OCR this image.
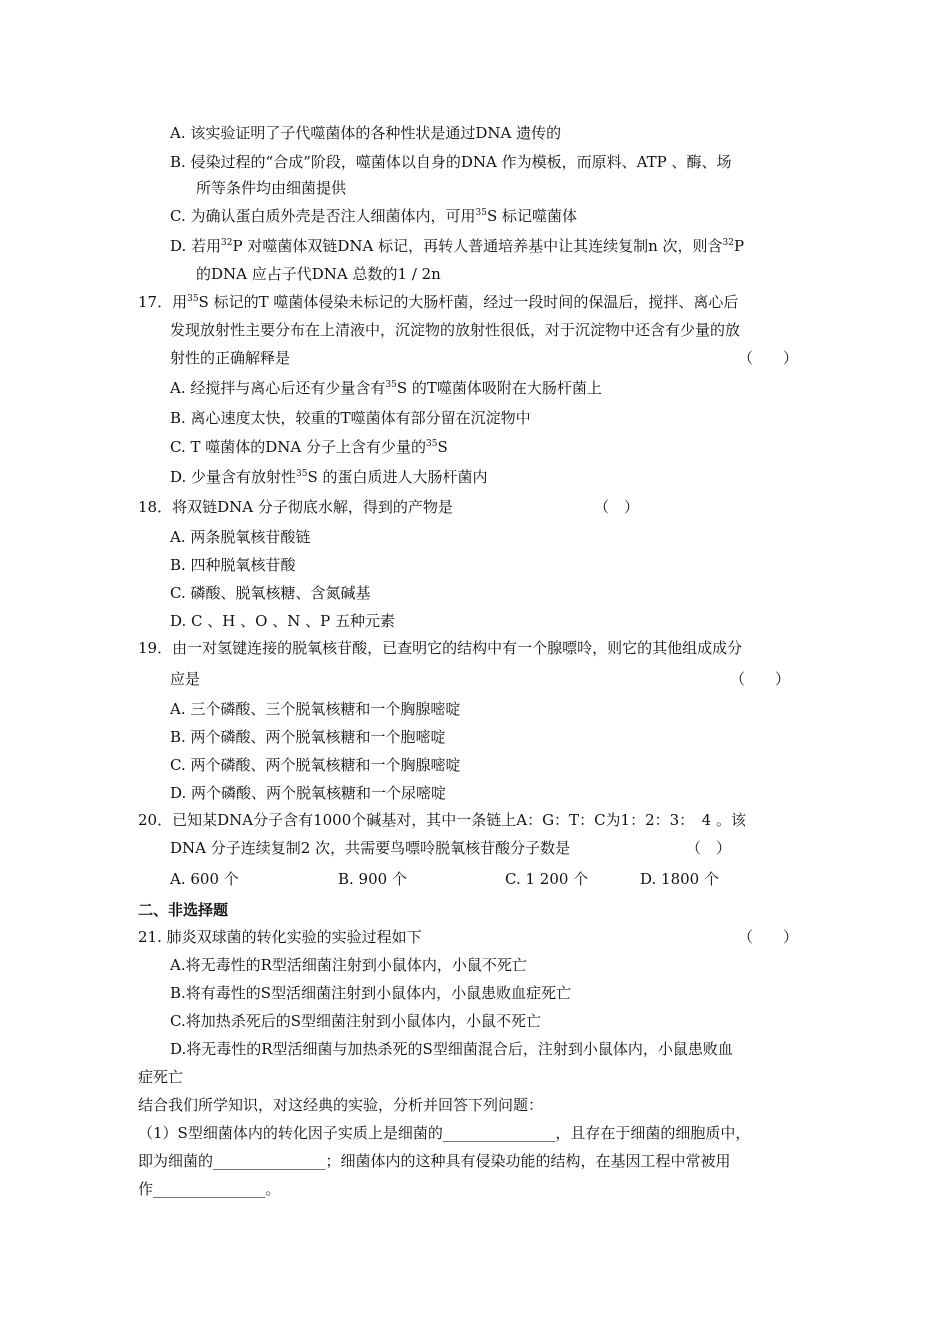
A. 该实验证明了子代噬菌体的各种性状是通过DNA 遗传的
B. 侵染过程的“合成”阶段，噬菌体以自身的DNA 作为模板，而原料、ATP 、酶、场
所等条件均由细菌提供
C. 为确认蛋白质外壳是否注人细菌体内，可用$^{35}$S 标记噬菌体
D. 若用$^{32}$P 对噬菌体双链DNA 标记，再转人普通培养基中让其连续复制n 次，则含$^{32}$P
的DNA 应占子代DNA 总数的1 / 2n
17．用$^{35}$S 标记的T 噬菌体侵染未标记的大肠杆菌，经过一段时间的保温后，搅拌、离心后
发现放射性主要分布在上清液中，沉淀物的放射性很低，对于沉淀物中还含有少量的放
射性的正确解释是	（　　）
A. 经搅拌与离心后还有少量含有$^{35}$S 的T噬菌体吸附在大肠杆菌上
B. 离心速度太快，较重的T噬菌体有部分留在沉淀物中
C. T 噬菌体的DNA 分子上含有少量的$^{35}$S
D. 少量含有放射性$^{35}$S 的蛋白质进人大肠杆菌内
18．将双链DNA 分子彻底水解，得到的产物是	（　）
A. 两条脱氧核苷酸链
B. 四种脱氧核苷酸
C. 磷酸、脱氧核糖、含氮碱基
D. C 、H 、O 、N 、P 五种元素
19．由一对氢键连接的脱氧核苷酸，已查明它的结构中有一个腺嘌呤，则它的其他组成成分
应是	（　　）
A. 三个磷酸、三个脱氧核糖和一个胸腺嘧啶
B. 两个磷酸、两个脱氧核糖和一个胞嘧啶
C. 两个磷酸、两个脱氧核糖和一个胸腺嘧啶
D. 两个磷酸、两个脱氧核糖和一个尿嘧啶
20．已知某DNA分子含有1000个碱基对，其中一条链上A：G：T：C为1：2：3：　4 。该
DNA 分子连续复制2 次，共需要鸟嘌呤脱氧核苷酸分子数是	（　）
A. 600 个	B. 900 个	C. 1 200 个	D. 1800 个
二、非选择题
21. 肺炎双球菌的转化实验的实验过程如下	（　　）
A.将无毒性的R型活细菌注射到小鼠体内，小鼠不死亡
B.将有毒性的S型活细菌注射到小鼠体内，小鼠患败血症死亡
C.将加热杀死后的S型细菌注射到小鼠体内，小鼠不死亡
D.将无毒性的R型活细菌与加热杀死的S型细菌混合后，注射到小鼠体内，小鼠患败血
症死亡
结合我们所学知识，对这经典的实验，分析并回答下列问题：
（1）S型细菌体内的转化因子实质上是细菌的_______________，且存在于细菌的细胞质中，
即为细菌的_______________；细菌体内的这种具有侵染功能的结构，在基因工程中常被用
作_______________。
